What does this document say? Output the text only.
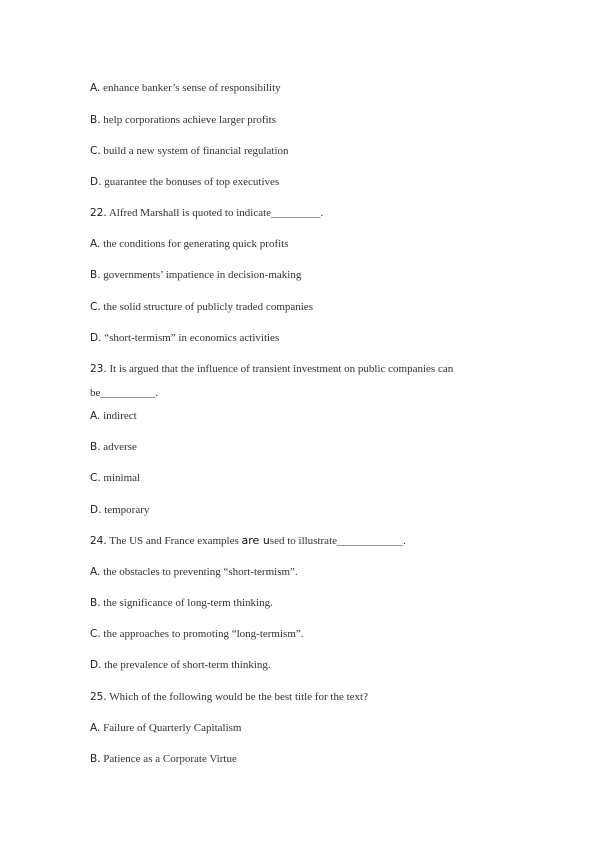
A. enhance banker’s sense of responsibility
B. help corporations achieve larger profits
C. build a new system of financial regulation
D. guarantee the bonuses of top executives
22. Alfred Marshall is quoted to indicate_________.
A. the conditions for generating quick profits
B. governments’ impatience in decision-making
C. the solid structure of publicly traded companies
D. “short-termism” in economics activities
23. It is argued that the influence of transient investment on public companies can
be__________.
A. indirect
B. adverse
C. minimal
D. temporary
24. The US and France examples are used to illustrate____________.
A. the obstacles to preventing “short-termism”.
B. the significance of long-term thinking.
C. the approaches to promoting “long-termism”.
D. the prevalence of short-term thinking.
25. Which of the following would be the best title for the text?
A. Failure of Quarterly Capitalism
B. Patience as a Corporate Virtue
